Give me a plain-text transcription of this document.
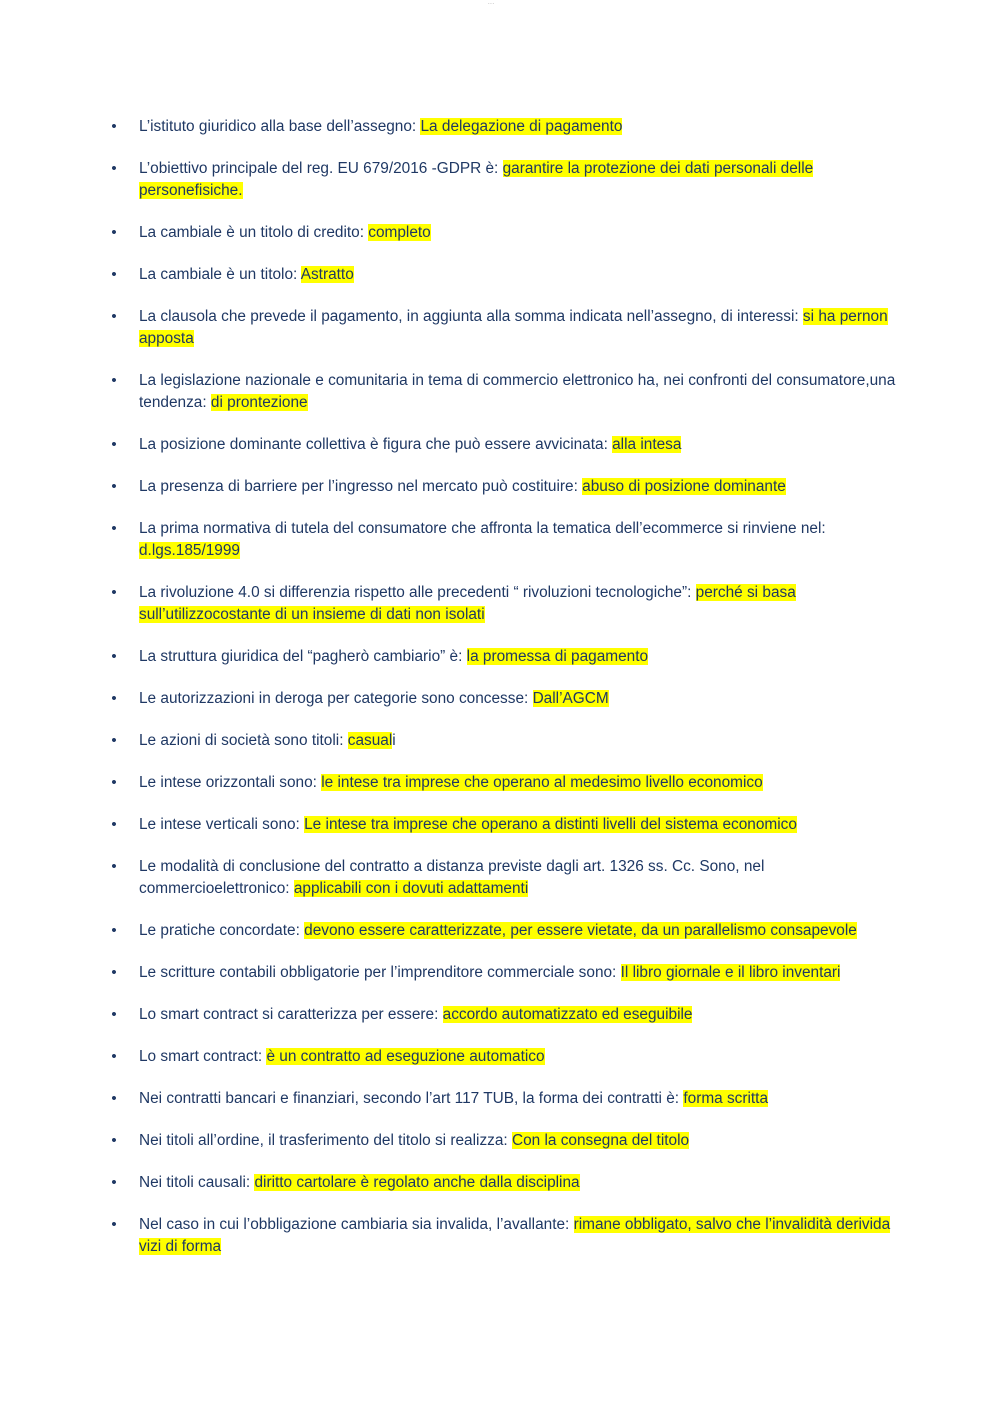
...
• L’istituto giuridico alla base dell’assegno: La delegazione di pagamento
• L’obiettivo principale del reg. EU 679/2016 -GDPR è: garantire la protezione dei dati personali delle personefisiche.
• La cambiale è un titolo di credito: completo
• La cambiale è un titolo: Astratto
• La clausola che prevede il pagamento, in aggiunta alla somma indicata nell’assegno, di interessi: si ha pernon apposta
• La legislazione nazionale e comunitaria in tema di commercio elettronico ha, nei confronti del consumatore,una tendenza: di prontezione
• La posizione dominante collettiva è figura che può essere avvicinata: alla intesa
• La presenza di barriere per l’ingresso nel mercato può costituire: abuso di posizione dominante
• La prima normativa di tutela del consumatore che affronta la tematica dell’ecommerce si rinviene nel: d.lgs.185/1999
• La rivoluzione 4.0 si differenzia rispetto alle precedenti “ rivoluzioni tecnologiche”: perché si basa sull’utilizzocostante di un insieme di dati non isolati
• La struttura giuridica del “pagherò cambiario” è: la promessa di pagamento
• Le autorizzazioni in deroga per categorie sono concesse: Dall’AGCM
• Le azioni di società sono titoli: casuali
• Le intese orizzontali sono: le intese tra imprese che operano al medesimo livello economico
• Le intese verticali sono: Le intese tra imprese che operano a distinti livelli del sistema economico
• Le modalità di conclusione del contratto a distanza previste dagli art. 1326 ss. Cc. Sono, nel commercioelettronico: applicabili con i dovuti adattamenti
• Le pratiche concordate: devono essere caratterizzate, per essere vietate, da un parallelismo consapevole
• Le scritture contabili obbligatorie per l’imprenditore commerciale sono: Il libro giornale e il libro inventari
• Lo smart contract si caratterizza per essere: accordo automatizzato ed eseguibile
• Lo smart contract: è un contratto ad eseguzione automatico
• Nei contratti bancari e finanziari, secondo l’art 117 TUB, la forma dei contratti è: forma scritta
• Nei titoli all’ordine, il trasferimento del titolo si realizza: Con la consegna del titolo
• Nei titoli causali: diritto cartolare è regolato anche dalla disciplina
• Nel caso in cui l’obbligazione cambiaria sia invalida, l’avallante: rimane obbligato, salvo che l’invalidità derivida vizi di forma
